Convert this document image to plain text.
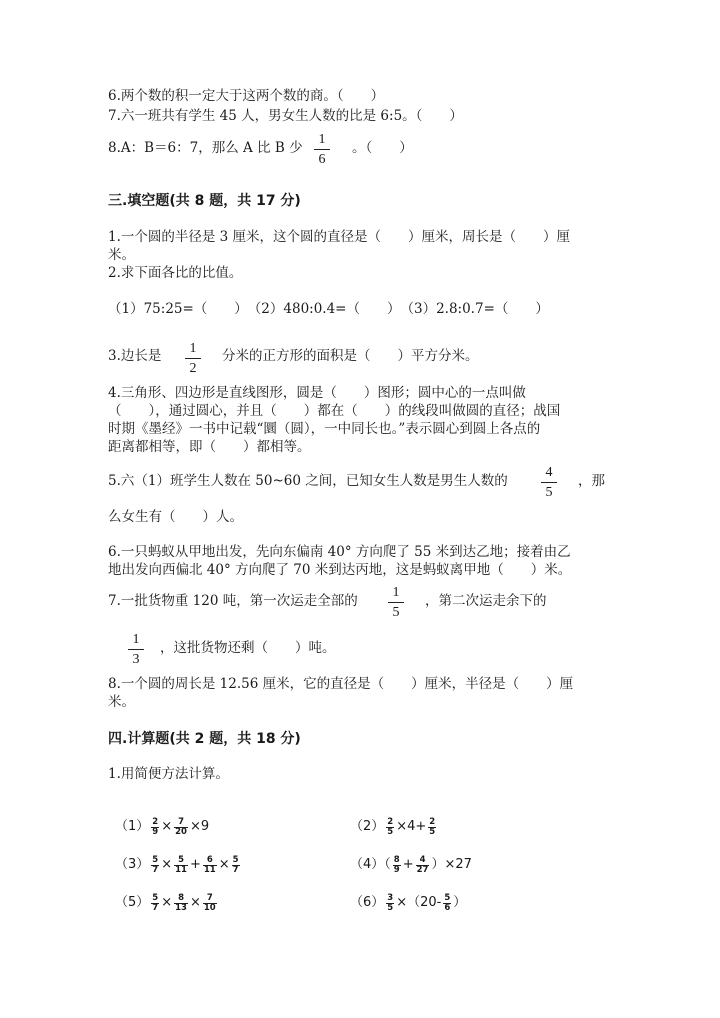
6.两个数的积一定大于这两个数的商。（　　）
7.六一班共有学生 45 人，男女生人数的比是 6:5。（　　）
8.A：B＝6：7，那么 A 比 B 少
1
6
。（　　）
三.填空题(共 8 题，共 17 分)
1.一个圆的半径是 3 厘米，这个圆的直径是（　　）厘米，周长是（　　）厘
米。
2.求下面各比的比值。
（1）75:25=（　　）　（2）480:0.4=（　　）　（3）2.8:0.7=（　　）
3.边长是	1
2
分米的正方形的面积是（　　）平方分米。
4.三角形、四边形是直线图形，圆是（　　）图形；圆中心的一点叫做
（　　），通过圆心，并且（　　）都在（　　）的线段叫做圆的直径；战国
时期《墨经》一书中记载“圜（圆），一中同长也。”表示圆心到圆上各点的
距离都相等，即（　　）都相等。
5.六（1）班学生人数在 50~60 之间，已知女生人数是男生人数的
4
5
，那
么女生有（　　）人。
6.一只蚂蚁从甲地出发，先向东偏南 40° 方向爬了 55 米到达乙地；接着由乙
地出发向西偏北 40° 方向爬了 70 米到达丙地，这是蚂蚁离甲地（　　）米。
7.一批货物重 120 吨，第一次运走全部的
1
5
，第二次运走余下的
1
3
，这批货物还剩（　　）吨。
8.一个圆的周长是 12.56 厘米，它的直径是（　　）厘米，半径是（　　）厘
米。
四.计算题(共 2 题，共 18 分)
1.用简便方法计算。
$(1) \frac{2}{9} \times \frac{7}{20} \times 9$	$(2) \frac{2}{5} \times 4+ \frac{2}{5}$
$(3) \frac{5}{7} \times \frac{5}{11} + \frac{6}{11} \times \frac{5}{7}$	$(4)( \frac{8}{9} + \frac{4}{27} )\times 27$
$(5) \frac{5}{7} \times \frac{8}{13} \times \frac{7}{10}$	$(6) \frac{3}{5} \times(20- \frac{5}{6}$ ）
